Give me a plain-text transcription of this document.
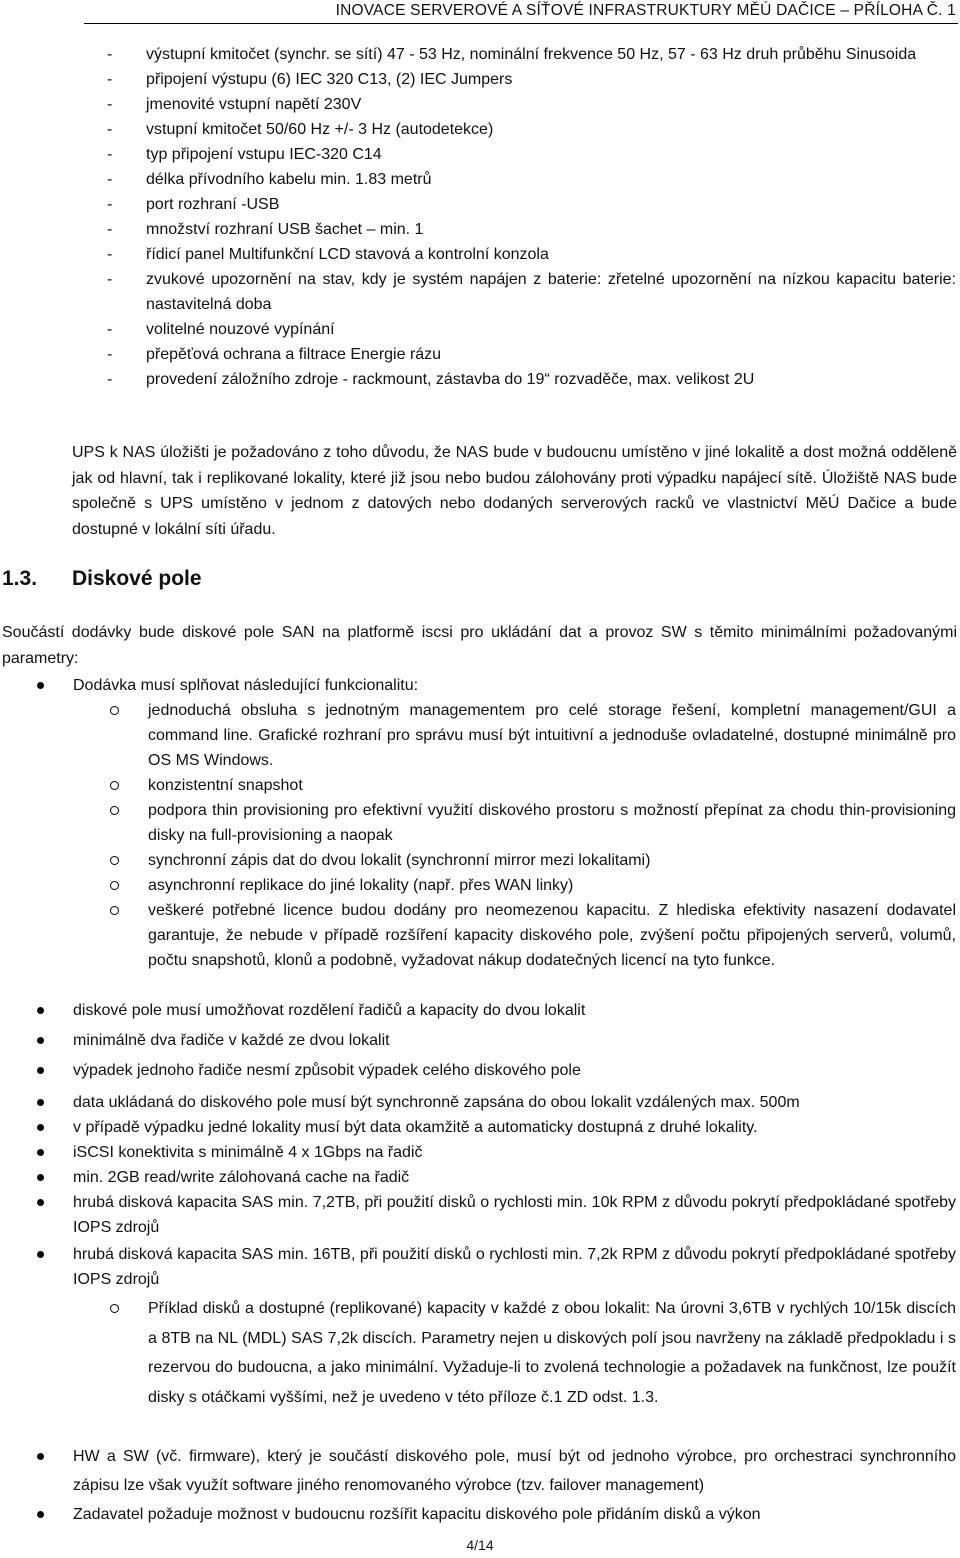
INOVACE SERVEROVÉ A SÍŤOVÉ INFRASTRUKTURY MĚÚ DAČICE – PŘÍLOHA Č. 1
- výstupní kmitočet (synchr. se sítí) 47 - 53 Hz, nominální frekvence 50 Hz, 57 - 63 Hz druh průběhu Sinusoida
- připojení výstupu (6) IEC 320 C13, (2) IEC Jumpers
- jmenovité vstupní napětí 230V
- vstupní kmitočet 50/60 Hz +/- 3 Hz (autodetekce)
- typ připojení vstupu IEC-320 C14
- délka přívodního kabelu min. 1.83 metrů
- port rozhraní -USB
- množství rozhraní USB šachet – min. 1
- řídicí panel Multifunkční LCD stavová a kontrolní konzola
- zvukové upozornění na stav, kdy je systém napájen z baterie: zřetelné upozornění na nízkou kapacitu baterie: nastavitelná doba
- volitelné nouzové vypínání
- přepěťová ochrana a filtrace Energie rázu
- provedení záložního zdroje - rackmount, zástavba do 19“ rozvaděče, max. velikost 2U
UPS k NAS úložišti je požadováno z toho důvodu, že NAS bude v budoucnu umístěno v jiné lokalitě a dost možná odděleně jak od hlavní, tak i replikované lokality, které již jsou nebo budou zálohovány proti výpadku napájecí sítě. Úložiště NAS bude společně s UPS umístěno v jednom z datových nebo dodaných serverových racků ve vlastnictví MěÚ Dačice a bude dostupné v lokální síti úřadu.
1.3. Diskové pole
Součástí dodávky bude diskové pole SAN na platformě iscsi pro ukládání dat a provoz SW s těmito minimálními požadovanými parametry:
Dodávka musí splňovat následující funkcionalitu:
jednoduchá obsluha s jednotným managementem pro celé storage řešení, kompletní management/GUI a command line. Grafické rozhraní pro správu musí být intuitivní a jednoduše ovladatelné, dostupné minimálně pro OS MS Windows.
konzistentní snapshot
podpora thin provisioning pro efektivní využití diskového prostoru s možností přepínat za chodu thin-provisioning disky na full-provisioning a naopak
synchronní zápis dat do dvou lokalit (synchronní mirror mezi lokalitami)
asynchronní replikace do jiné lokality (např. přes WAN linky)
veškeré potřebné licence budou dodány pro neomezenou kapacitu. Z hlediska efektivity nasazení dodavatel garantuje, že nebude v případě rozšíření kapacity diskového pole, zvýšení počtu připojených serverů, volumů, počtu snapshotů, klonů a podobně, vyžadovat nákup dodatečných licencí na tyto funkce.
diskové pole musí umožňovat rozdělení řadičů a kapacity do dvou lokalit
minimálně dva řadiče v každé ze dvou lokalit
výpadek jednoho řadiče nesmí způsobit výpadek celého diskového pole
data ukládaná do diskového pole musí být synchronně zapsána do obou lokalit vzdálených max. 500m
v případě výpadku jedné lokality musí být data okamžitě a automaticky dostupná z druhé lokality.
iSCSI konektivita s minimálně 4 x 1Gbps na řadič
min. 2GB read/write zálohovaná cache na řadič
hrubá disková kapacita SAS min. 7,2TB, při použití disků o rychlosti min. 10k RPM z důvodu pokrytí předpokládané spotřeby IOPS zdrojů
hrubá disková kapacita SAS min. 16TB, při použití disků o rychlosti min. 7,2k RPM z důvodu pokrytí předpokládané spotřeby IOPS zdrojů
Příklad disků a dostupné (replikované) kapacity v každé z obou lokalit: Na úrovni 3,6TB v rychlých 10/15k discích a 8TB na NL (MDL) SAS 7,2k discích. Parametry nejen u diskových polí jsou navrženy na základě předpokladu i s rezervou do budoucna, a jako minimální. Vyžaduje-li to zvolená technologie a požadavek na funkčnost, lze použít disky s otáčkami vyššími, než je uvedeno v této příloze č.1 ZD odst. 1.3.
HW a SW (vč. firmware), který je součástí diskového pole, musí být od jednoho výrobce, pro orchestraci synchronního zápisu lze však využít software jiného renomovaného výrobce (tzv. failover management)
Zadavatel požaduje možnost v budoucnu rozšířit kapacitu diskového pole přidáním disků a výkon
4/14
